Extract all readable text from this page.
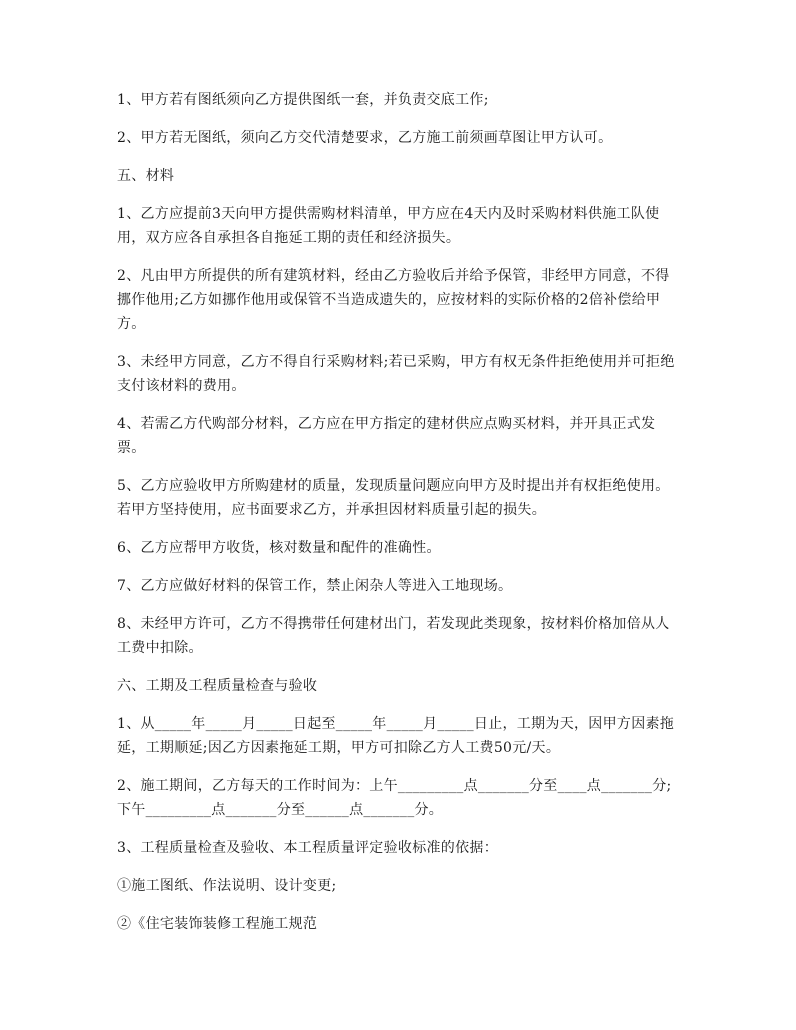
1、甲方若有图纸须向乙方提供图纸一套，并负责交底工作;

2、甲方若无图纸，须向乙方交代清楚要求，乙方施工前须画草图让甲方认可。

五、材料

1、乙方应提前3天向甲方提供需购材料清单，甲方应在4天内及时采购材料供施工队使用，双方应各自承担各自拖延工期的责任和经济损失。

2、凡由甲方所提供的所有建筑材料，经由乙方验收后并给予保管，非经甲方同意，不得挪作他用;乙方如挪作他用或保管不当造成遗失的，应按材料的实际价格的2倍补偿给甲方。

3、未经甲方同意，乙方不得自行采购材料;若已采购，甲方有权无条件拒绝使用并可拒绝支付该材料的费用。

4、若需乙方代购部分材料，乙方应在甲方指定的建材供应点购买材料，并开具正式发票。

5、乙方应验收甲方所购建材的质量，发现质量问题应向甲方及时提出并有权拒绝使用。若甲方坚持使用，应书面要求乙方，并承担因材料质量引起的损失。

6、乙方应帮甲方收货，核对数量和配件的准确性。

7、乙方应做好材料的保管工作，禁止闲杂人等进入工地现场。

8、未经甲方许可，乙方不得携带任何建材出门，若发现此类现象，按材料价格加倍从人工费中扣除。

六、工期及工程质量检查与验收

1、从_____年_____月_____日起至_____年_____月_____日止，工期为天，因甲方因素拖延，工期顺延;因乙方因素拖延工期，甲方可扣除乙方人工费50元/天。

2、施工期间，乙方每天的工作时间为：上午_________点_______分至____点_______分;下午_________点_______分至______点_______分。

3、工程质量检查及验收、本工程质量评定验收标准的依据：

①施工图纸、作法说明、设计变更;

②《住宅装饰装修工程施工规范
